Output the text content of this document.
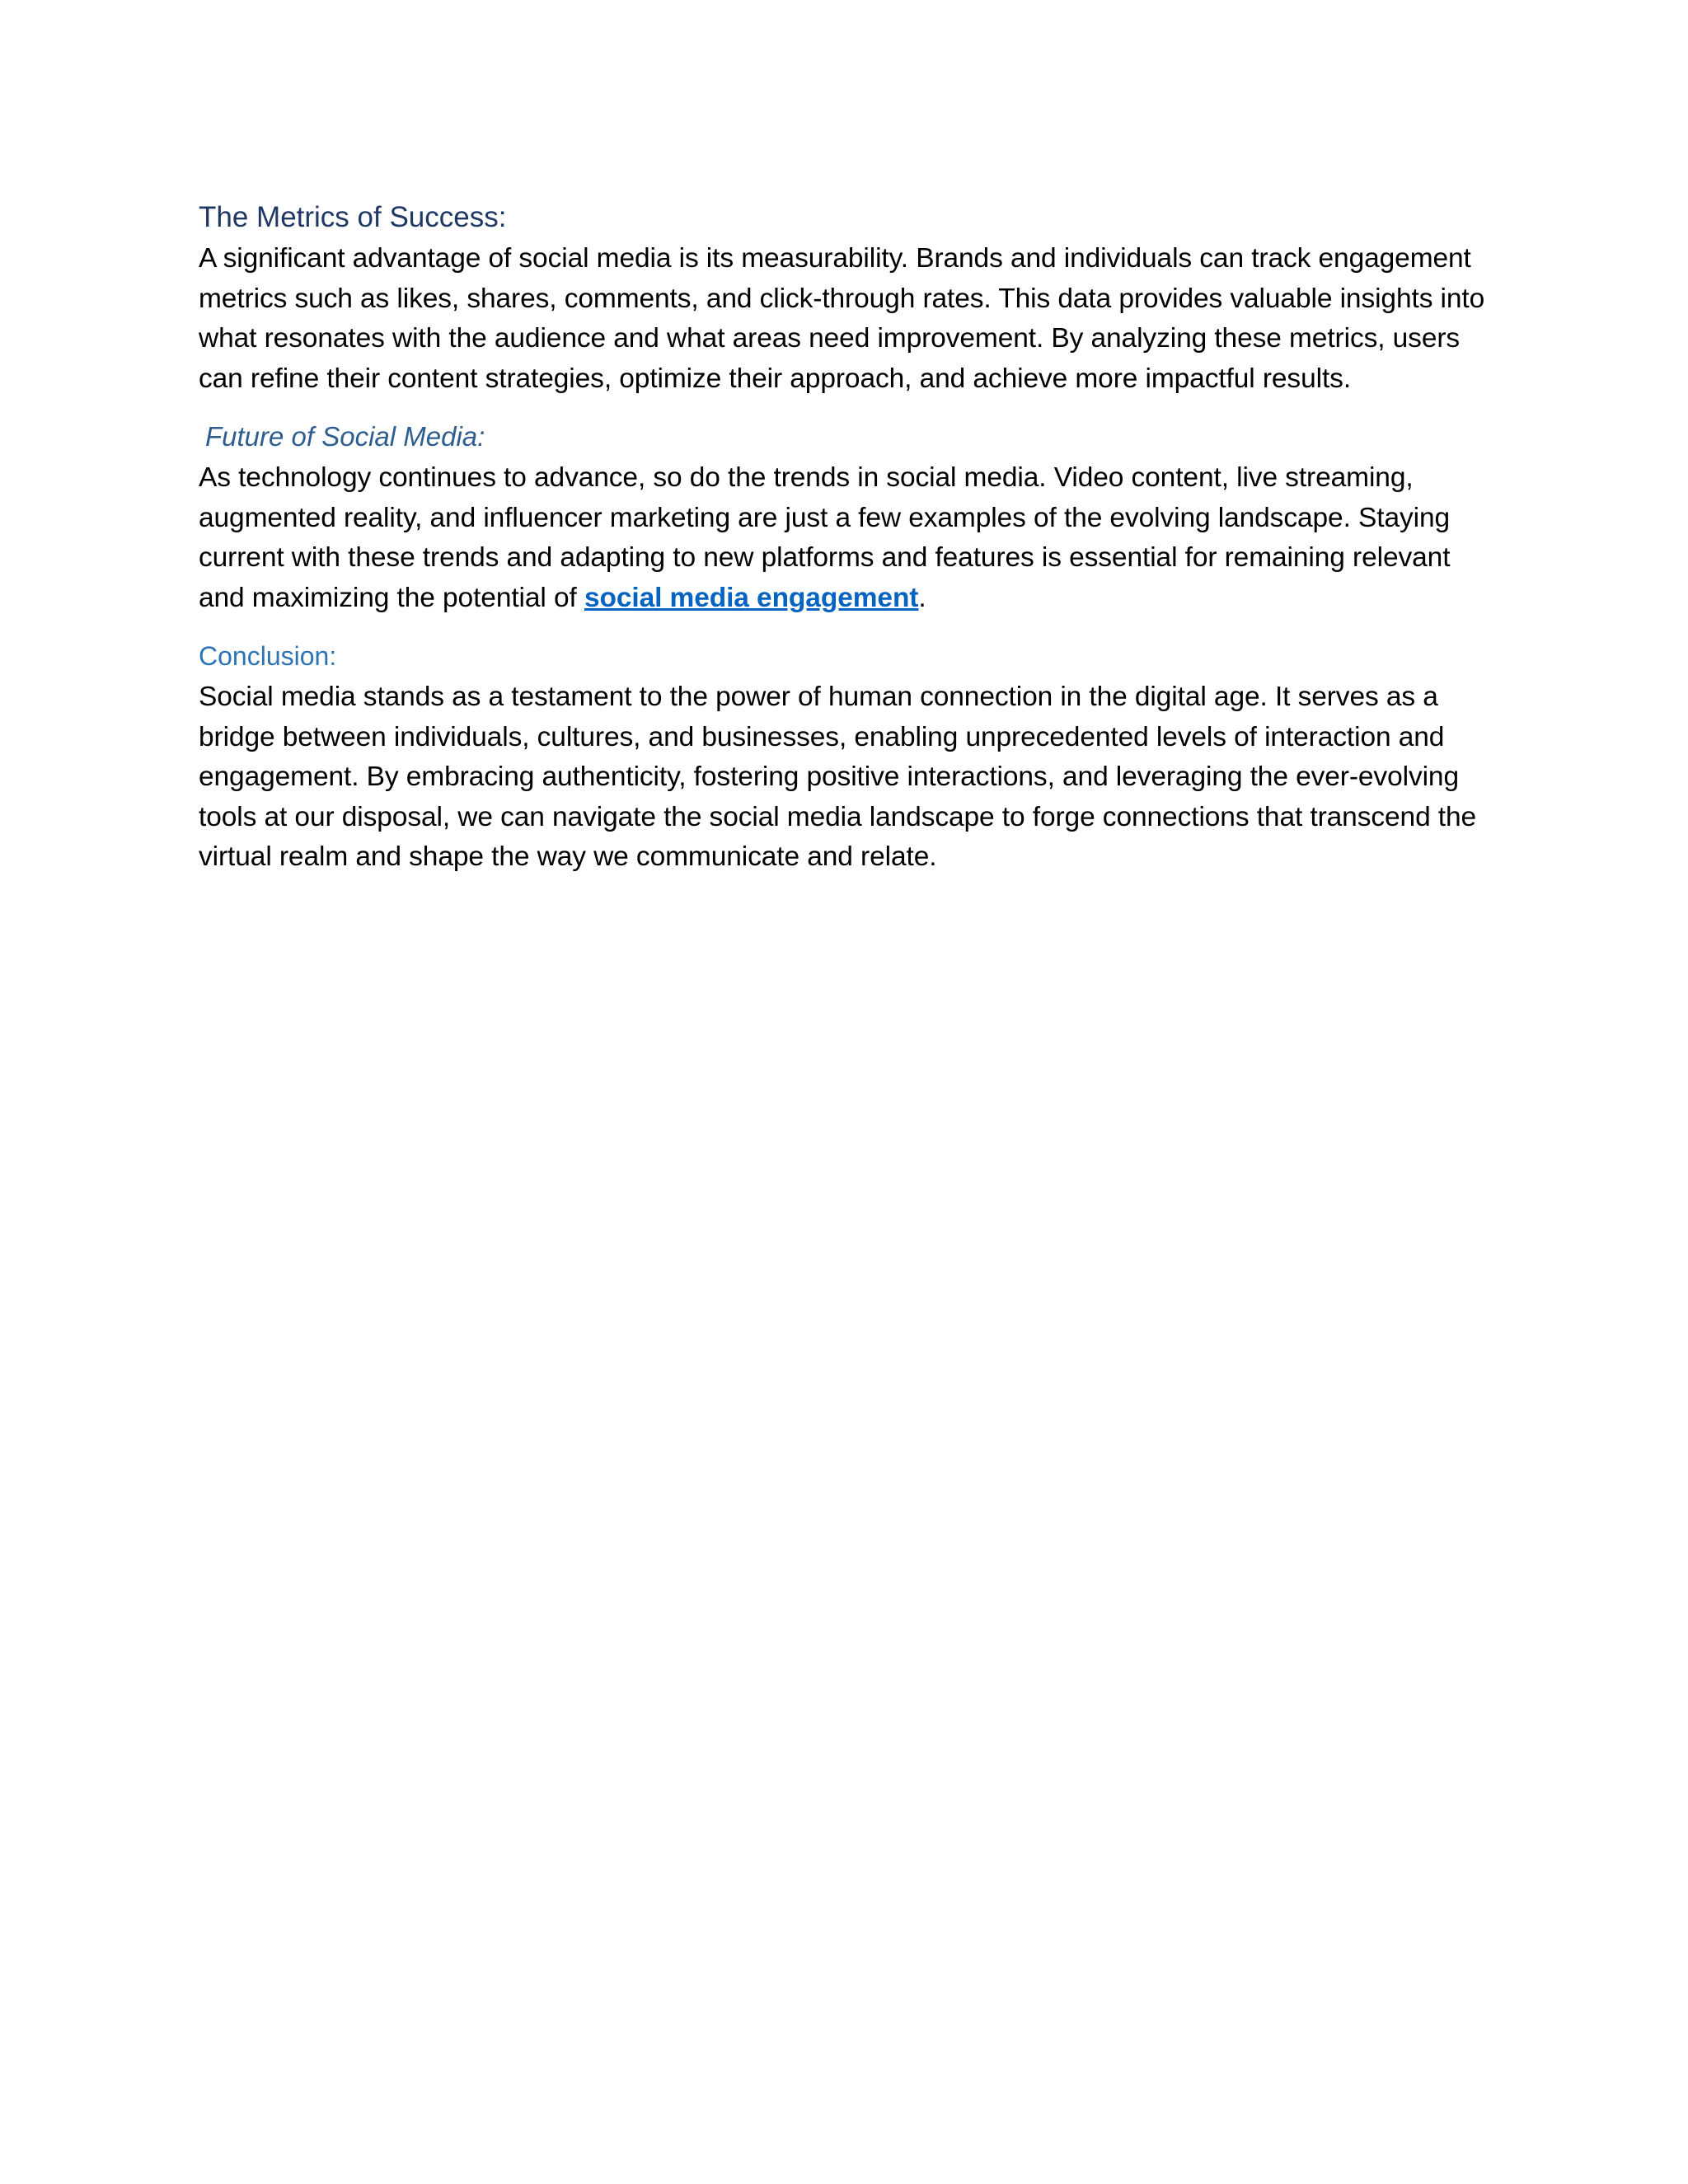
The Metrics of Success:

A significant advantage of social media is its measurability. Brands and individuals can track engagement metrics such as likes, shares, comments, and click-through rates. This data provides valuable insights into what resonates with the audience and what areas need improvement. By analyzing these metrics, users can refine their content strategies, optimize their approach, and achieve more impactful results.

Future of Social Media:

As technology continues to advance, so do the trends in social media. Video content, live streaming, augmented reality, and influencer marketing are just a few examples of the evolving landscape. Staying current with these trends and adapting to new platforms and features is essential for remaining relevant and maximizing the potential of social media engagement.

Conclusion:

Social media stands as a testament to the power of human connection in the digital age. It serves as a bridge between individuals, cultures, and businesses, enabling unprecedented levels of interaction and engagement. By embracing authenticity, fostering positive interactions, and leveraging the ever-evolving tools at our disposal, we can navigate the social media landscape to forge connections that transcend the virtual realm and shape the way we communicate and relate.
